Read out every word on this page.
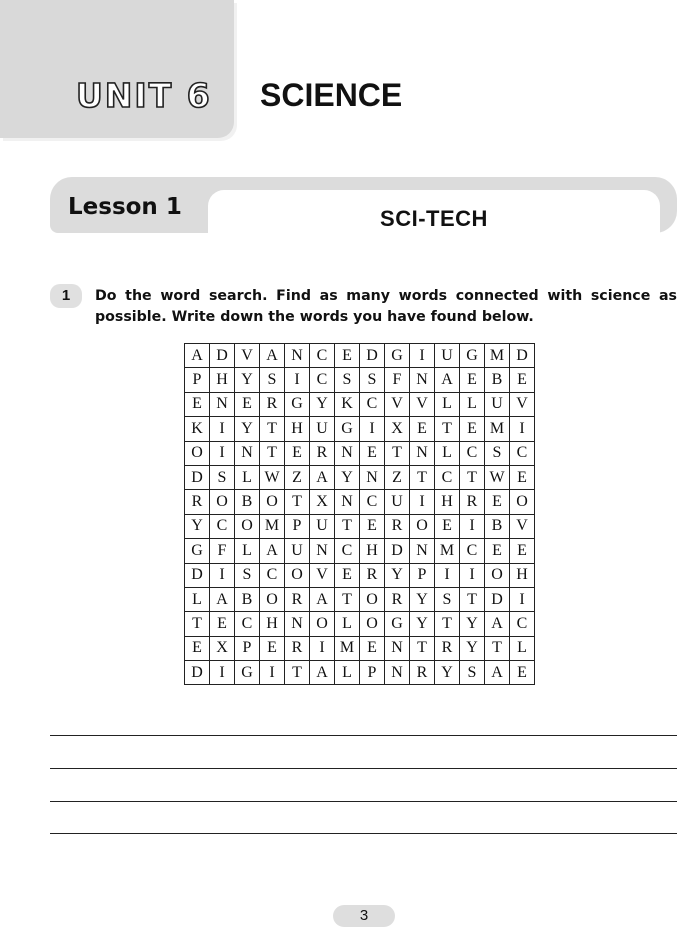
UNIT 6 SCIENCE
Lesson 1	SCI-TECH
1	Do the word search. Find as many words connected with science as possible. Write down the words you have found below.
A	D	V	A	N	C	E	D	G	I	U	G	M	D
P	H	Y	S	I	C	S	S	F	N	A	E	B	E
E	N	E	R	G	Y	K	C	V	V	L	L	U	V
K	I	Y	T	H	U	G	I	X	E	T	E	M	I
O	I	N	T	E	R	N	E	T	N	L	C	S	C
D	S	L	W	Z	A	Y	N	Z	T	C	T	W	E
R	O	B	O	T	X	N	C	U	I	H	R	E	O
Y	C	O	M	P	U	T	E	R	O	E	I	B	V
G	F	L	A	U	N	C	H	D	N	M	C	E	E
D	I	S	C	O	V	E	R	Y	P	I	I	O	H
L	A	B	O	R	A	T	O	R	Y	S	T	D	I
T	E	C	H	N	O	L	O	G	Y	T	Y	A	C
E	X	P	E	R	I	M	E	N	T	R	Y	T	L
D	I	G	I	T	A	L	P	N	R	Y	S	A	E
3
